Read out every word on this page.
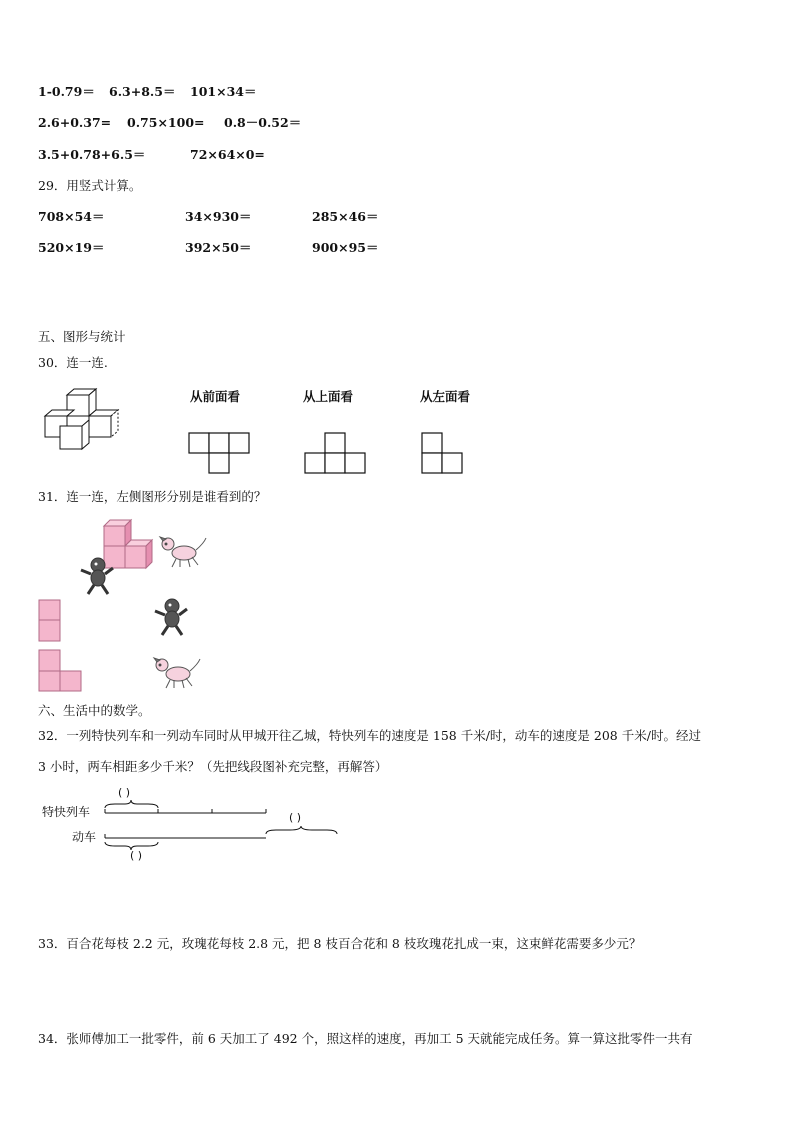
1-0.79＝ 6.3+8.5＝ 101×34＝
2.6+0.37= 0.75×100= 0.8－0.52＝
3.5+0.78+6.5＝	72×64×0=
29．用竖式计算。
708×54＝	34×930＝	285×46＝
520×19＝	392×50＝	900×95＝
五、图形与统计
30．连一连.
从前面看	从上面看	从左面看
31．连一连，左侧图形分别是谁看到的？
六、生活中的数学。
32．一列特快列车和一列动车同时从甲城开往乙城，特快列车的速度是 158 千米/时，动车的速度是 208 千米/时。经过
3 小时，两车相距多少千米？（先把线段图补充完整，再解答）
特快列车
动车
( )
( )
( )
33．百合花每枝 2.2 元，玫瑰花每枝 2.8 元，把 8 枝百合花和 8 枝玫瑰花扎成一束，这束鲜花需要多少元？
34．张师傅加工一批零件，前 6 天加工了 492 个，照这样的速度，再加工 5 天就能完成任务。算一算这批零件一共有
